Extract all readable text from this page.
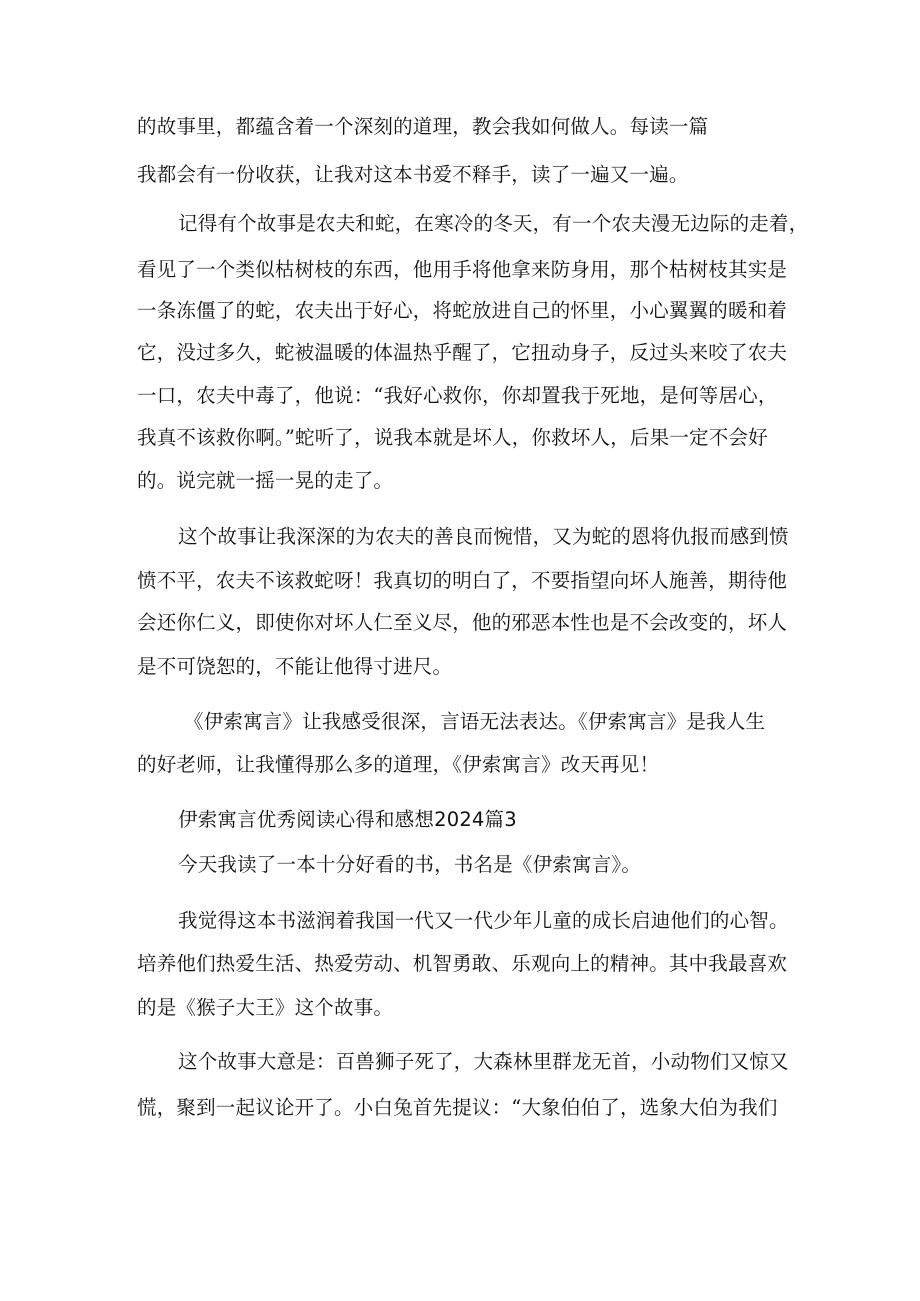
的故事里，都蕴含着一个深刻的道理，教会我如何做人。每读一篇
我都会有一份收获，让我对这本书爱不释手，读了一遍又一遍。
记得有个故事是农夫和蛇，在寒冷的冬天，有一个农夫漫无边际的走着，
看见了一个类似枯树枝的东西，他用手将他拿来防身用，那个枯树枝其实是
一条冻僵了的蛇，农夫出于好心，将蛇放进自己的怀里，小心翼翼的暖和着
它，没过多久，蛇被温暖的体温热乎醒了，它扭动身子，反过头来咬了农夫
一口，农夫中毒了，他说：“我好心救你，你却置我于死地，是何等居心，
我真不该救你啊。”蛇听了，说我本就是坏人，你救坏人，后果一定不会好
的。说完就一摇一晃的走了。
这个故事让我深深的为农夫的善良而惋惜，又为蛇的恩将仇报而感到愤
愤不平，农夫不该救蛇呀！我真切的明白了，不要指望向坏人施善，期待他
会还你仁义，即使你对坏人仁至义尽，他的邪恶本性也是不会改变的，坏人
是不可饶恕的，不能让他得寸进尺。
《伊索寓言》让我感受很深，言语无法表达。《伊索寓言》是我人生
的好老师，让我懂得那么多的道理，《伊索寓言》改天再见！
伊索寓言优秀阅读心得和感想2024篇3
今天我读了一本十分好看的书，书名是《伊索寓言》。
我觉得这本书滋润着我国一代又一代少年儿童的成长启迪他们的心智。
培养他们热爱生活、热爱劳动、机智勇敢、乐观向上的精神。其中我最喜欢
的是《猴子大王》这个故事。
这个故事大意是：百兽狮子死了，大森林里群龙无首，小动物们又惊又
慌，聚到一起议论开了。小白兔首先提议：“大象伯伯了，选象大伯为我们
